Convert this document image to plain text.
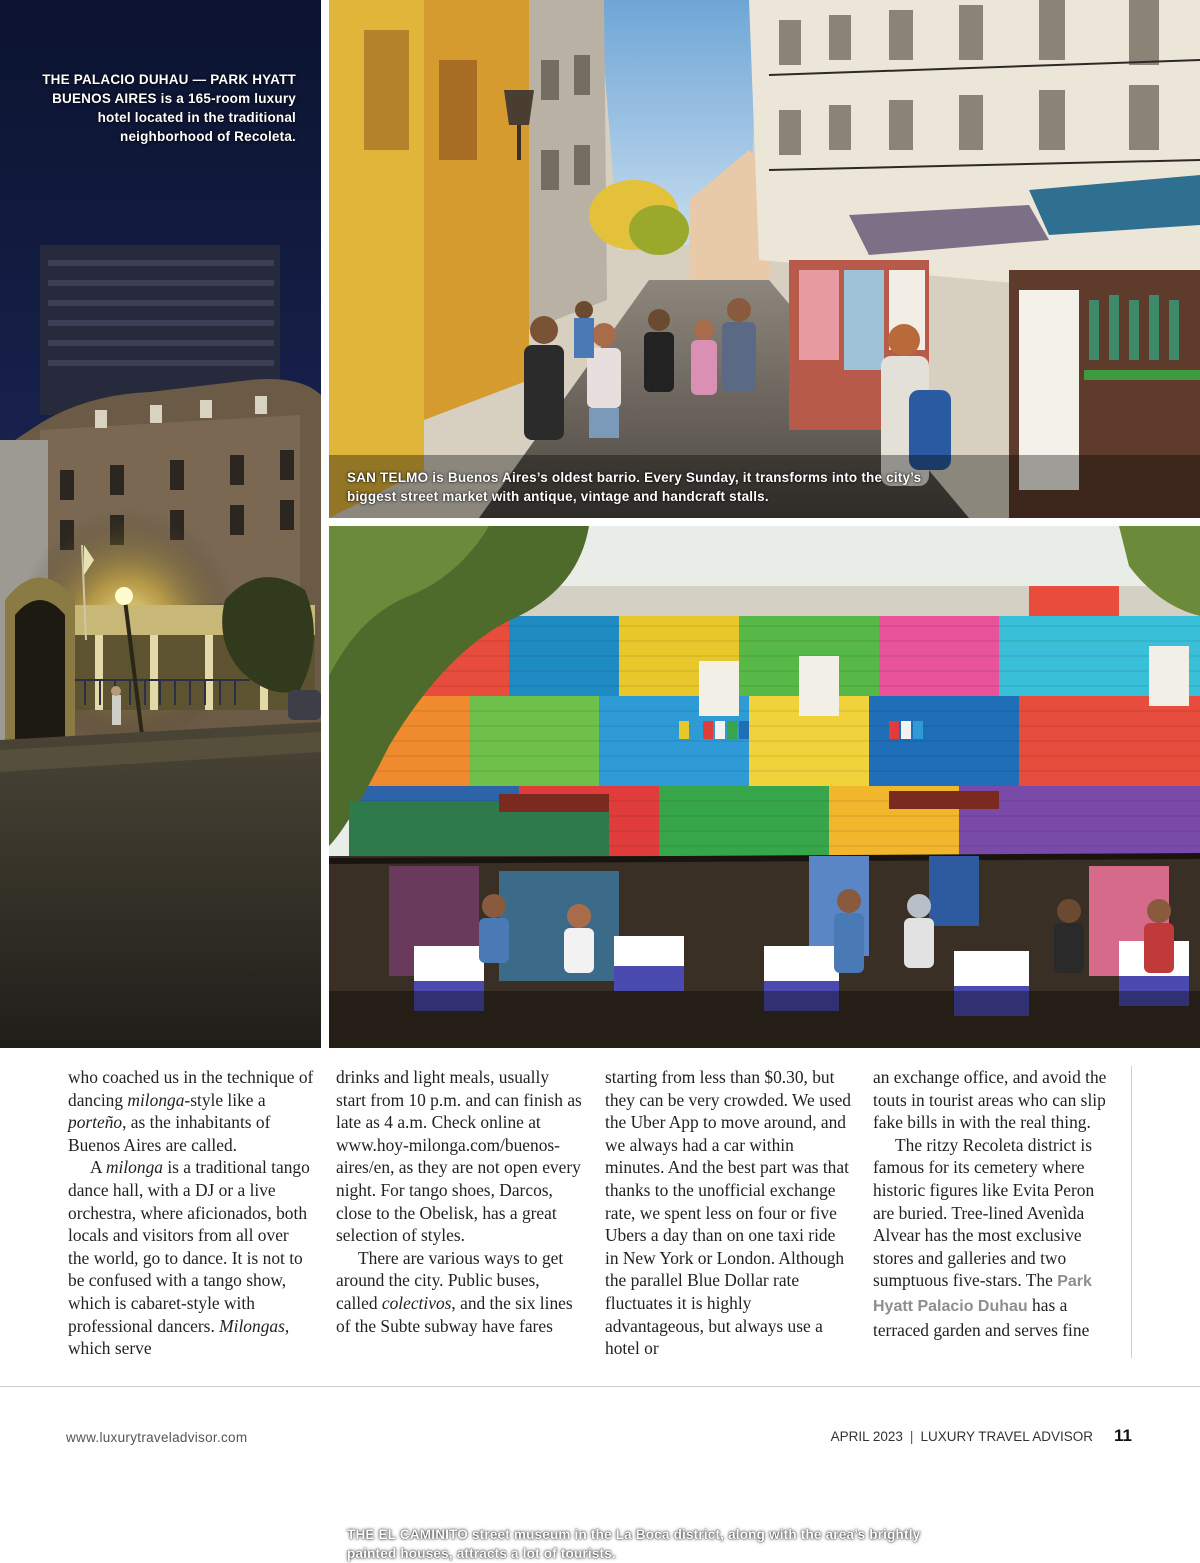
THE PALACIO DUHAU — PARK HYATT BUENOS AIRES is a 165-room luxury hotel located in the traditional neighborhood of Recoleta.
SAN TELMO is Buenos Aires’s oldest barrio. Every Sunday, it transforms into the city’s biggest street market with antique, vintage and handcraft stalls.
THE EL CAMINITO street museum in the La Boca district, along with the area’s brightly painted houses, attracts a lot of tourists.

who coached us in the technique of dancing milonga-style like a porteño, as the inhabitants of Buenos Aires are called.

A milonga is a traditional tango dance hall, with a DJ or a live orchestra, where aficionados, both locals and visitors from all over the world, go to dance. It is not to be confused with a tango show, which is cabaret-style with professional dancers. Milongas, which serve

drinks and light meals, usually start from 10 p.m. and can finish as late as 4 a.m. Check online at www.hoy-milonga.com/buenos-aires/en, as they are not open every night. For tango shoes, Darcos, close to the Obelisk, has a great selection of styles.

There are various ways to get around the city. Public buses, called colectivos, and the six lines of the Subte subway have fares

starting from less than $0.30, but they can be very crowded. We used the Uber App to move around, and we always had a car within minutes. And the best part was that thanks to the unofficial exchange rate, we spent less on four or five Ubers a day than on one taxi ride in New York or London. Although the parallel Blue Dollar rate fluctuates it is highly advantageous, but always use a hotel or

an exchange office, and avoid the touts in tourist areas who can slip fake bills in with the real thing.

The ritzy Recoleta district is famous for its cemetery where historic figures like Evita Peron are buried. Tree-lined Avenìda Alvear has the most exclusive stores and galleries and two sumptuous five-stars. The Park Hyatt Palacio Duhau has a terraced garden and serves fine

www.luxurytraveladvisor.com	APRIL 2023 | LUXURY TRAVEL ADVISOR 11
